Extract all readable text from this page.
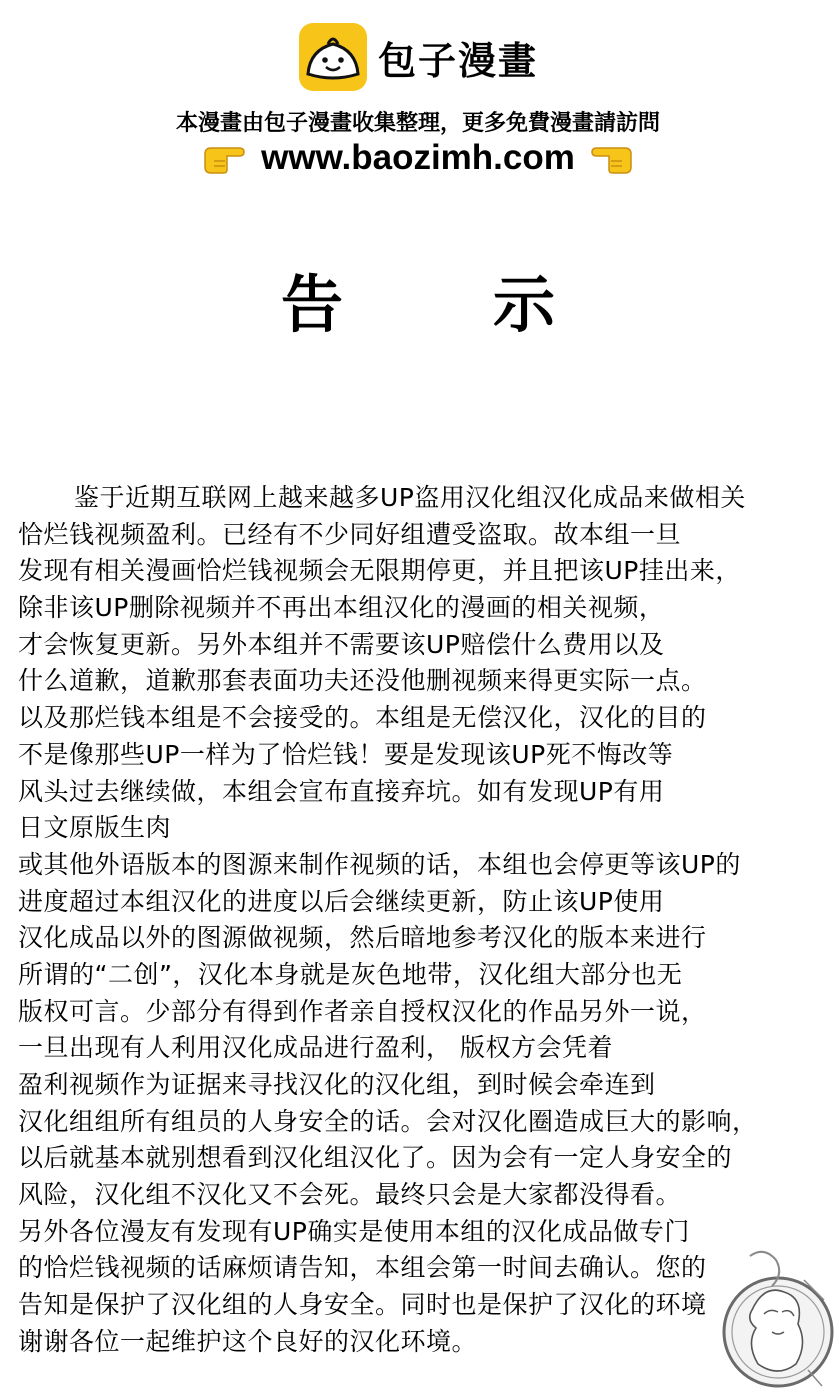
包子漫畫
本漫畫由包子漫畫收集整理，更多免費漫畫請訪問
www.baozimh.com
告 示
鉴于近期互联网上越来越多UP盗用汉化组汉化成品来做相关
恰烂钱视频盈利。已经有不少同好组遭受盗取。故本组一旦
发现有相关漫画恰烂钱视频会无限期停更，并且把该UP挂出来，
除非该UP删除视频并不再出本组汉化的漫画的相关视频，
才会恢复更新。另外本组并不需要该UP赔偿什么费用以及
什么道歉，道歉那套表面功夫还没他删视频来得更实际一点。
以及那烂钱本组是不会接受的。本组是无偿汉化，汉化的目的
不是像那些UP一样为了恰烂钱！要是发现该UP死不悔改等
风头过去继续做，本组会宣布直接弃坑。如有发现UP有用
日文原版生肉
或其他外语版本的图源来制作视频的话，本组也会停更等该UP的
进度超过本组汉化的进度以后会继续更新，防止该UP使用
汉化成品以外的图源做视频，然后暗地参考汉化的版本来进行
所谓的“二创”，汉化本身就是灰色地带，汉化组大部分也无
版权可言。少部分有得到作者亲自授权汉化的作品另外一说，
一旦出现有人利用汉化成品进行盈利， 版权方会凭着
盈利视频作为证据来寻找汉化的汉化组，到时候会牵连到
汉化组组所有组员的人身安全的话。会对汉化圈造成巨大的影响，
以后就基本就别想看到汉化组汉化了。因为会有一定人身安全的
风险，汉化组不汉化又不会死。最终只会是大家都没得看。
另外各位漫友有发现有UP确实是使用本组的汉化成品做专门
的恰烂钱视频的话麻烦请告知，本组会第一时间去确认。您的
告知是保护了汉化组的人身安全。同时也是保护了汉化的环境
谢谢各位一起维护这个良好的汉化环境。
